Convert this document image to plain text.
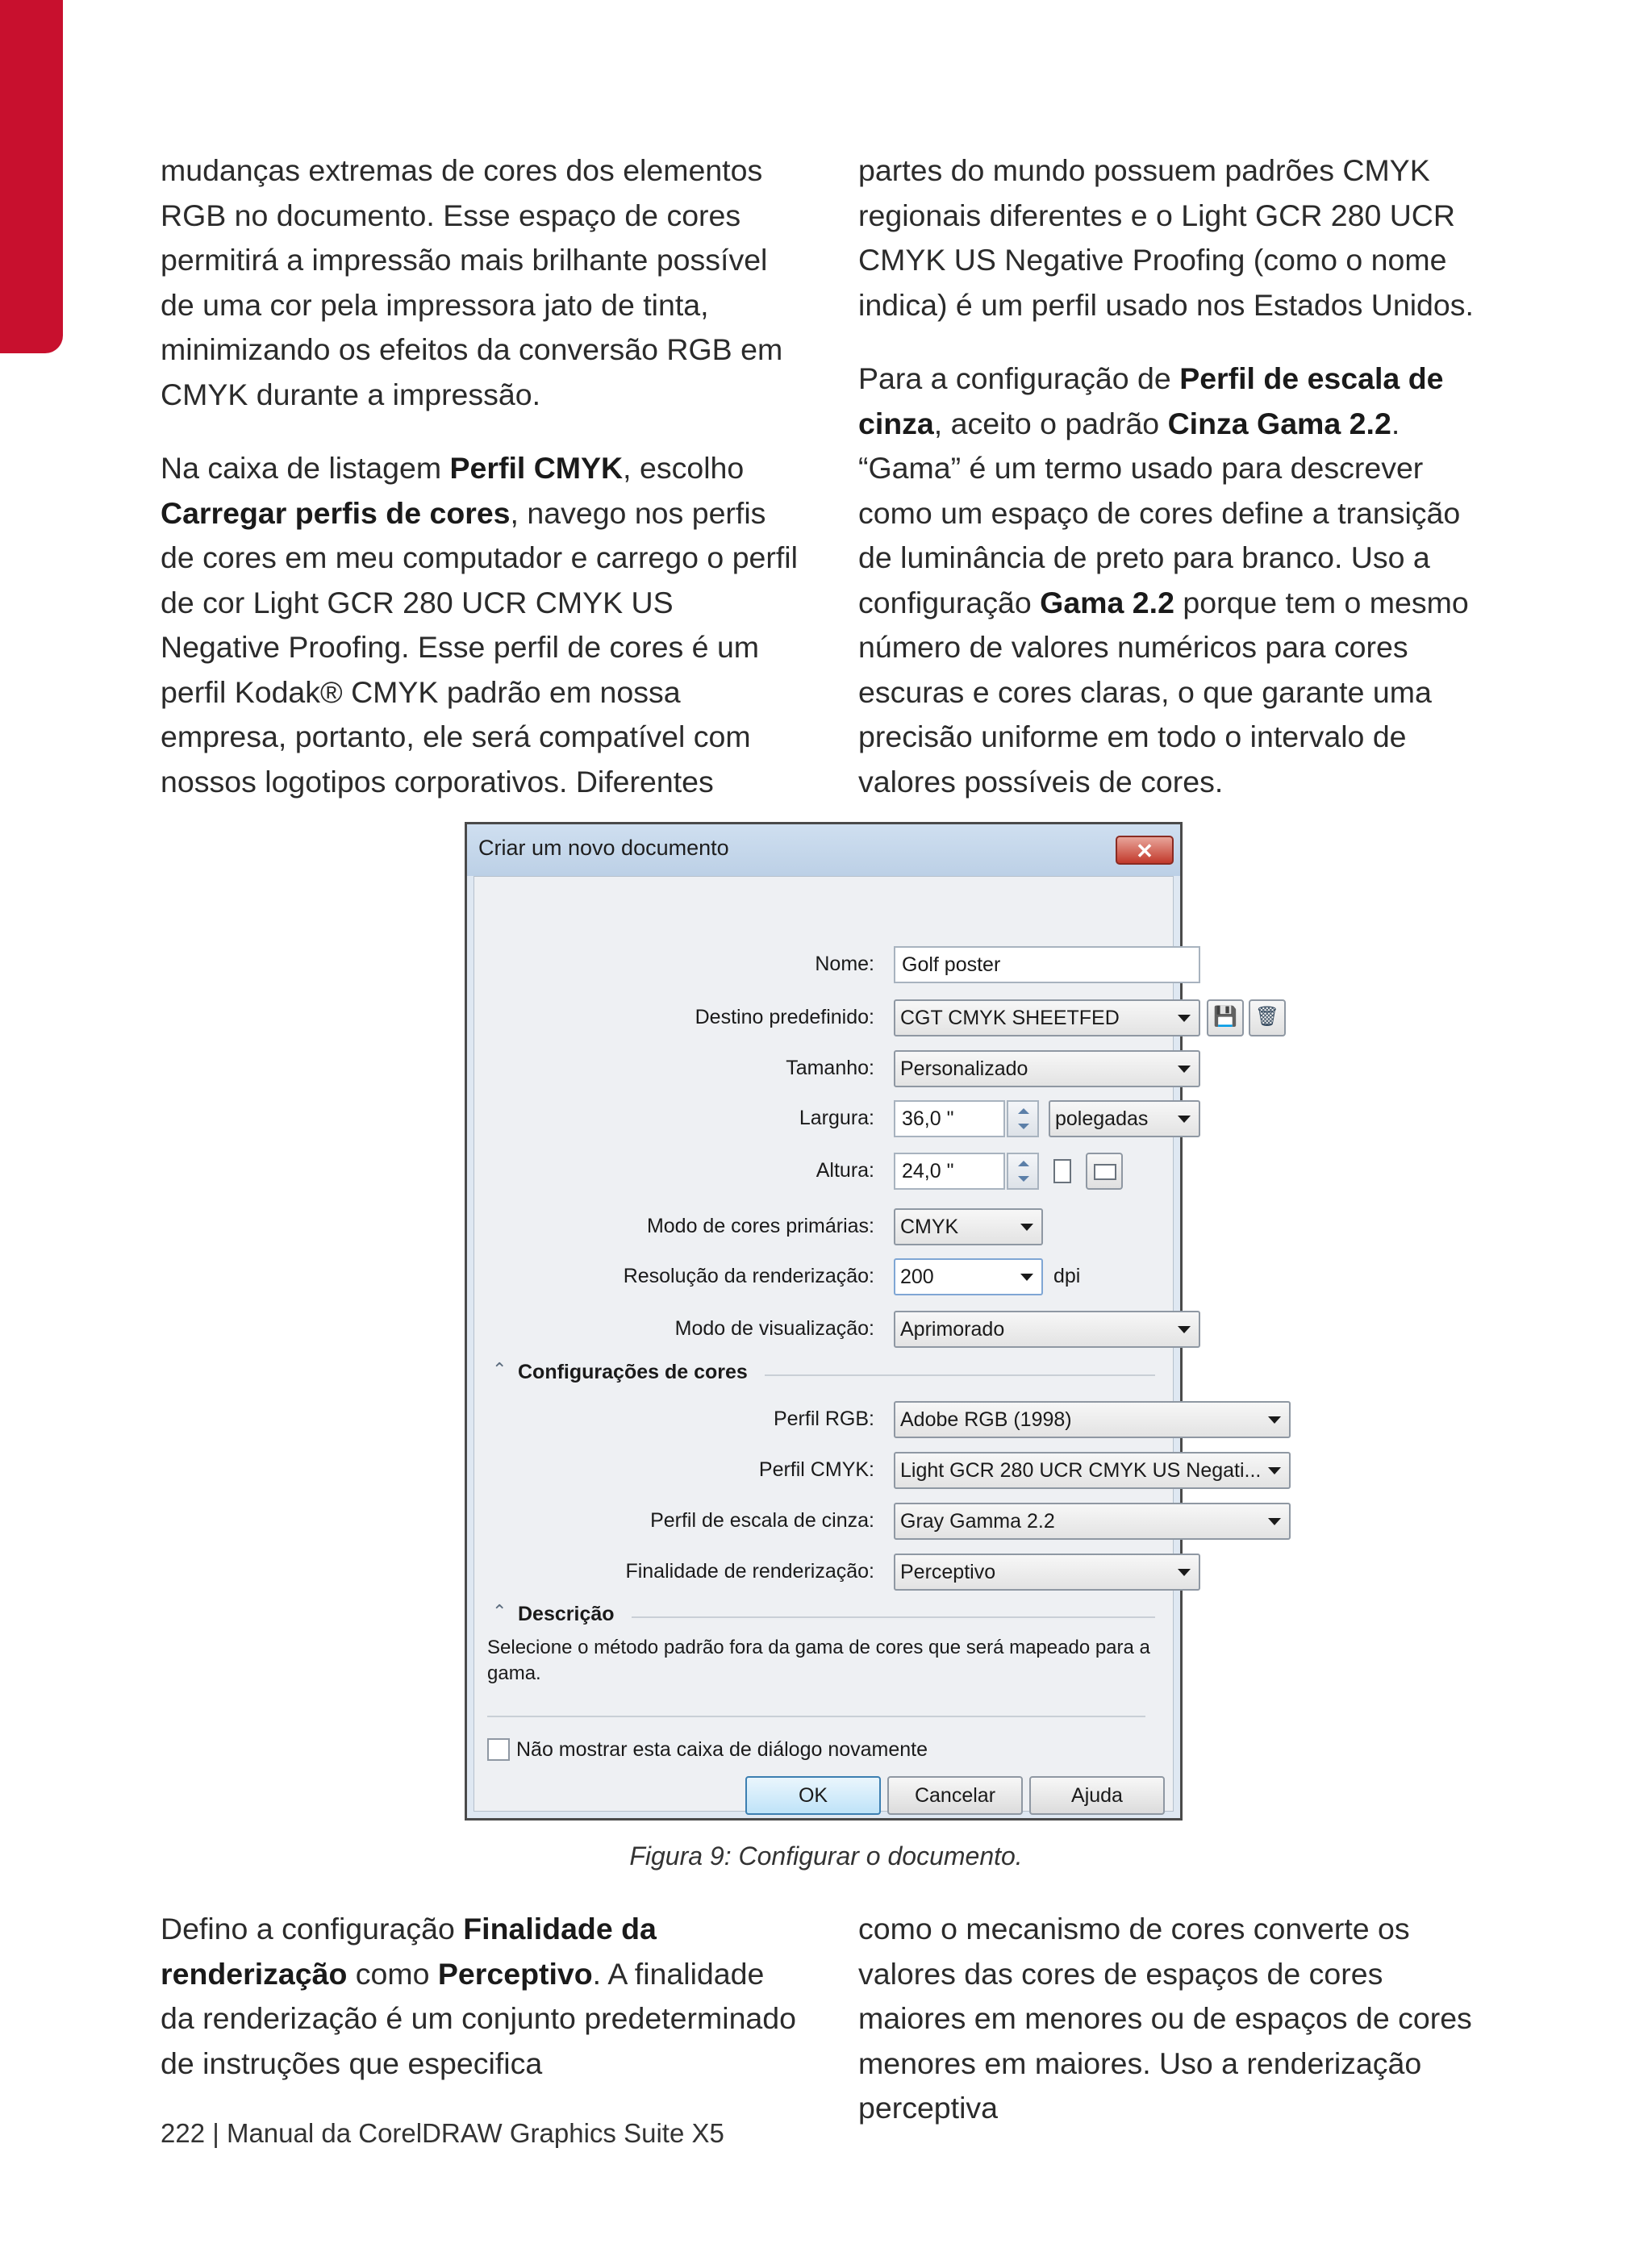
mudanças extremas de cores dos elementos RGB no documento. Esse espaço de cores permitirá a impressão mais brilhante possível de uma cor pela impressora jato de tinta, minimizando os efeitos da conversão RGB em CMYK durante a impressão.

Na caixa de listagem Perfil CMYK, escolho Carregar perfis de cores, navego nos perfis de cores em meu computador e carrego o perfil de cor Light GCR 280 UCR CMYK US Negative Proofing. Esse perfil de cores é um perfil Kodak® CMYK padrão em nossa empresa, portanto, ele será compatível com nossos logotipos corporativos. Diferentes

partes do mundo possuem padrões CMYK regionais diferentes e o Light GCR 280 UCR CMYK US Negative Proofing (como o nome indica) é um perfil usado nos Estados Unidos.

Para a configuração de Perfil de escala de cinza, aceito o padrão Cinza Gama 2.2. “Gama” é um termo usado para descrever como um espaço de cores define a transição de luminância de preto para branco. Uso a configuração Gama 2.2 porque tem o mesmo número de valores numéricos para cores escuras e cores claras, o que garante uma precisão uniforme em todo o intervalo de valores possíveis de cores.

Criar um novo documento	✕
Nome:	Golf poster
Destino predefinido:	CGT CMYK SHEETFED	💾 🗑
Tamanho:	Personalizado
Largura:	36,0 "	polegadas
Altura:	24,0 "
Modo de cores primárias:	CMYK
Resolução da renderização:	200	dpi
Modo de visualização:	Aprimorado
⌃ Configurações de cores
Perfil RGB:	Adobe RGB (1998)
Perfil CMYK:	Light GCR 280 UCR CMYK US Negati...
Perfil de escala de cinza:	Gray Gamma 2.2
Finalidade de renderização:	Perceptivo
⌃ Descrição
Selecione o método padrão fora da gama de cores que será mapeado para a gama.
Não mostrar esta caixa de diálogo novamente
OK	Cancelar	Ajuda
Figura 9: Configurar o documento.

Defino a configuração Finalidade da renderização como Perceptivo. A finalidade da renderização é um conjunto predeterminado de instruções que especifica

como o mecanismo de cores converte os valores das cores de espaços de cores maiores em menores ou de espaços de cores menores em maiores. Uso a renderização perceptiva

222 | Manual da CorelDRAW Graphics Suite X5
